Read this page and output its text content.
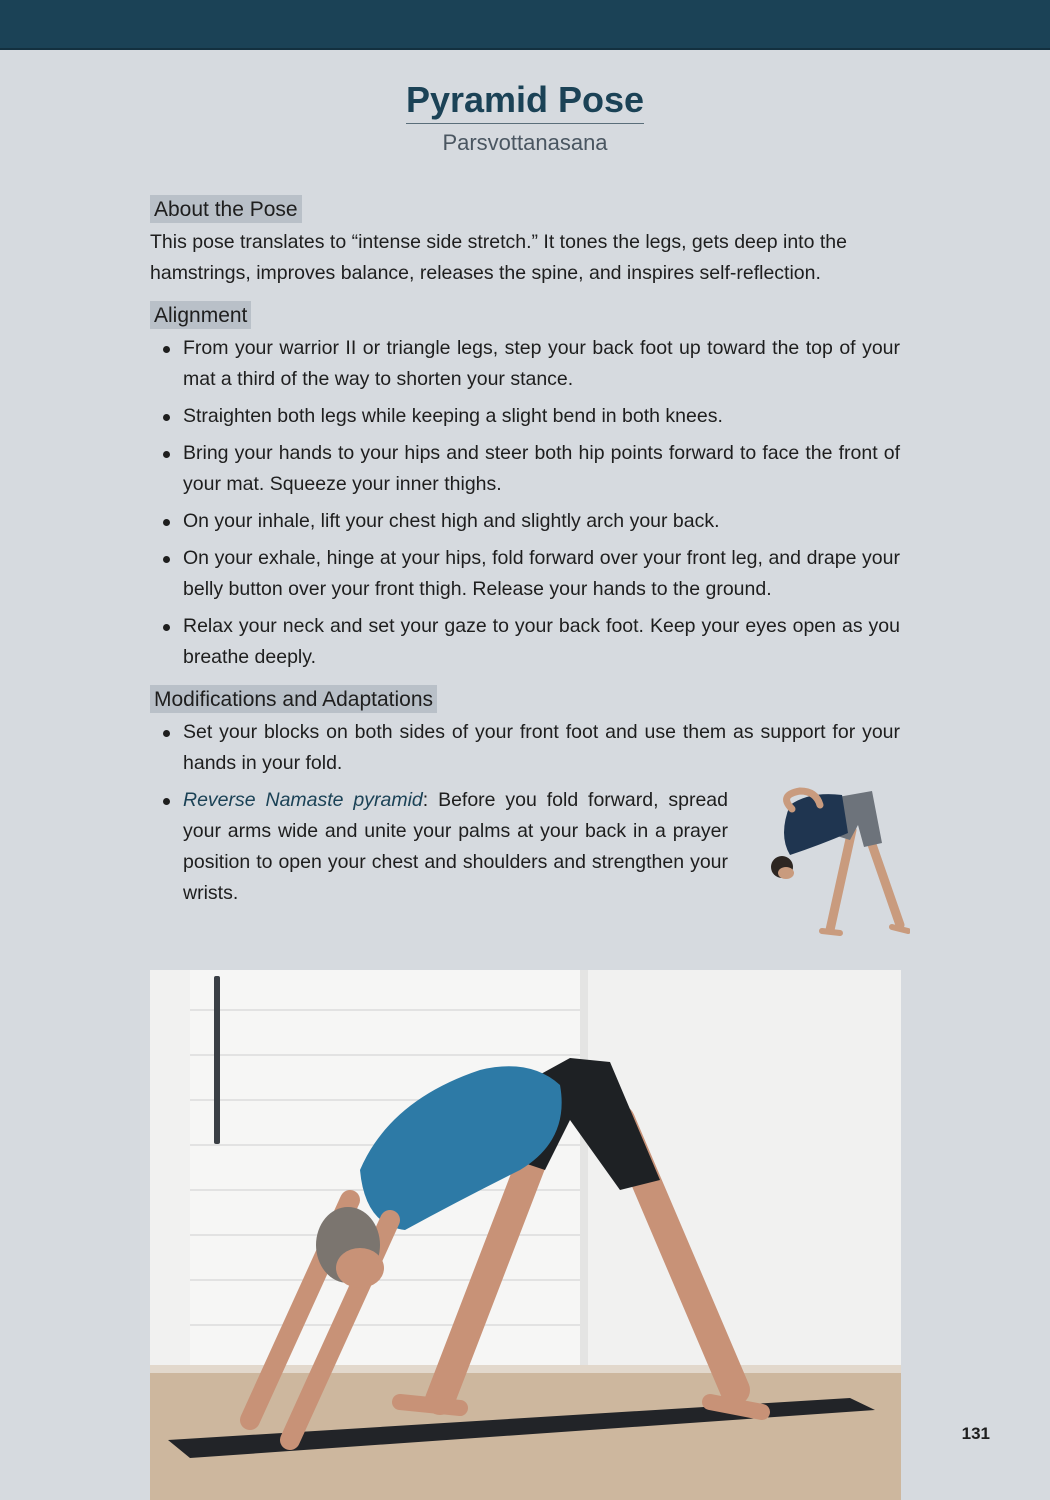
Pyramid Pose
Parsvottanasana
About the Pose

This pose translates to “intense side stretch.” It tones the legs, gets deep into the hamstrings, improves balance, releases the spine, and inspires self-reflection.

Alignment
From your warrior II or triangle legs, step your back foot up toward the top of your mat a third of the way to shorten your stance.
Straighten both legs while keeping a slight bend in both knees.
Bring your hands to your hips and steer both hip points forward to face the front of your mat. Squeeze your inner thighs.
On your inhale, lift your chest high and slightly arch your back.
On your exhale, hinge at your hips, fold forward over your front leg, and drape your belly button over your front thigh. Release your hands to the ground.
Relax your neck and set your gaze to your back foot. Keep your eyes open as you breathe deeply.
Modifications and Adaptations
Set your blocks on both sides of your front foot and use them as support for your hands in your fold.
Reverse Namaste pyramid: Before you fold forward, spread your arms wide and unite your palms at your back in a prayer position to open your chest and shoulders and strengthen your wrists.
131
